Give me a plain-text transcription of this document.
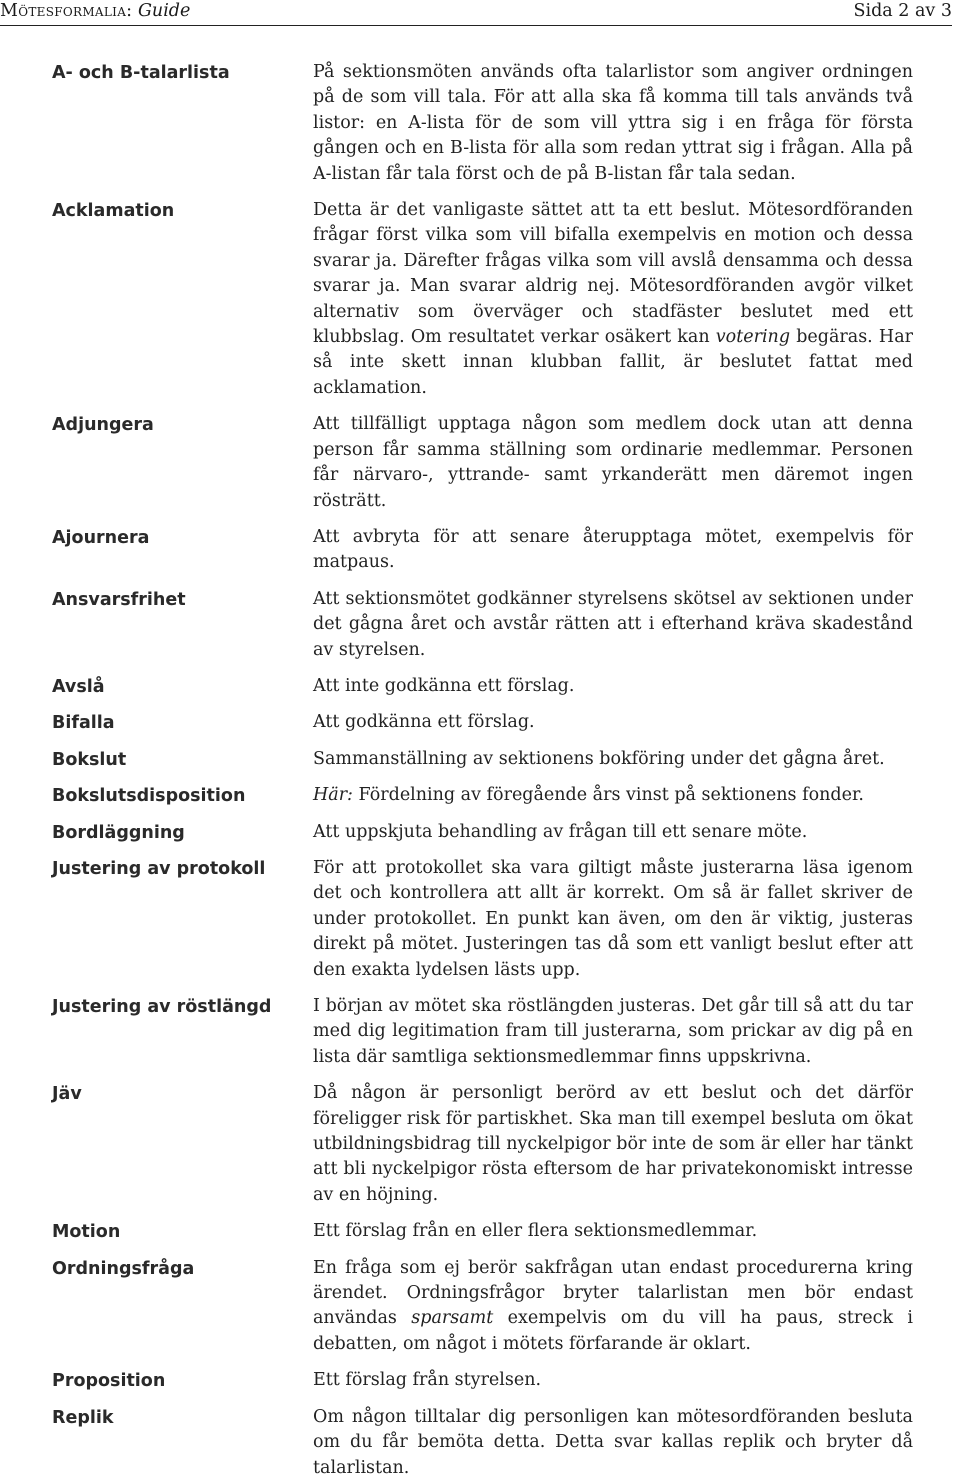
Mötesformalia: Guide	Sida 2 av 3
A- och B-talarlista	På sektionsmöten används ofta talarlistor som angiver ordningen på de som vill tala. För att alla ska få komma till tals används två listor: en A-lista för de som vill yttra sig i en fråga för första gången och en B-lista för alla som redan yttrat sig i frågan. Alla på A-listan får tala först och de på B-listan får tala sedan.
Acklamation	Detta är det vanligaste sättet att ta ett beslut. Mötesordföranden frågar först vilka som vill bifalla exempelvis en motion och dessa svarar ja. Därefter frågas vilka som vill avslå densamma och dessa svarar ja. Man svarar aldrig nej. Mötesordföranden avgör vilket alternativ som överväger och stadfäster beslutet med ett klubbslag. Om resultatet verkar osäkert kan votering begäras. Har så inte skett innan klubban fallit, är beslutet fattat med acklamation.
Adjungera	Att tillfälligt upptaga någon som medlem dock utan att denna person får samma ställning som ordinarie medlemmar. Personen får närvaro-, yttrande- samt yrkanderätt men däremot ingen rösträtt.
Ajournera	Att avbryta för att senare återupptaga mötet, exempelvis för matpaus.
Ansvarsfrihet	Att sektionsmötet godkänner styrelsens skötsel av sektionen under det gågna året och avstår rätten att i efterhand kräva skadestånd av styrelsen.
Avslå	Att inte godkänna ett förslag.
Bifalla	Att godkänna ett förslag.
Bokslut	Sammanställning av sektionens bokföring under det gågna året.
Bokslutsdisposition	Här: Fördelning av föregående års vinst på sektionens fonder.
Bordläggning	Att uppskjuta behandling av frågan till ett senare möte.
Justering av protokoll	För att protokollet ska vara giltigt måste justerarna läsa igenom det och kontrollera att allt är korrekt. Om så är fallet skriver de under protokollet. En punkt kan även, om den är viktig, justeras direkt på mötet. Justeringen tas då som ett vanligt beslut efter att den exakta lydelsen lästs upp.
Justering av röstlängd	I början av mötet ska röstlängden justeras. Det går till så att du tar med dig legitimation fram till justerarna, som prickar av dig på en lista där samtliga sektionsmedlemmar finns uppskrivna.
Jäv	Då någon är personligt berörd av ett beslut och det därför föreligger risk för partiskhet. Ska man till exempel besluta om ökat utbildningsbidrag till nyckelpigor bör inte de som är eller har tänkt att bli nyckelpigor rösta eftersom de har privatekonomiskt intresse av en höjning.
Motion	Ett förslag från en eller flera sektionsmedlemmar.
Ordningsfråga	En fråga som ej berör sakfrågan utan endast procedurerna kring ärendet. Ordningsfrågor bryter talarlistan men bör endast användas sparsamt exempelvis om du vill ha paus, streck i debatten, om något i mötets förfarande är oklart.
Proposition	Ett förslag från styrelsen.
Replik	Om någon tilltalar dig personligen kan mötesordföranden besluta om du får bemöta detta. Detta svar kallas replik och bryter då talarlistan.
